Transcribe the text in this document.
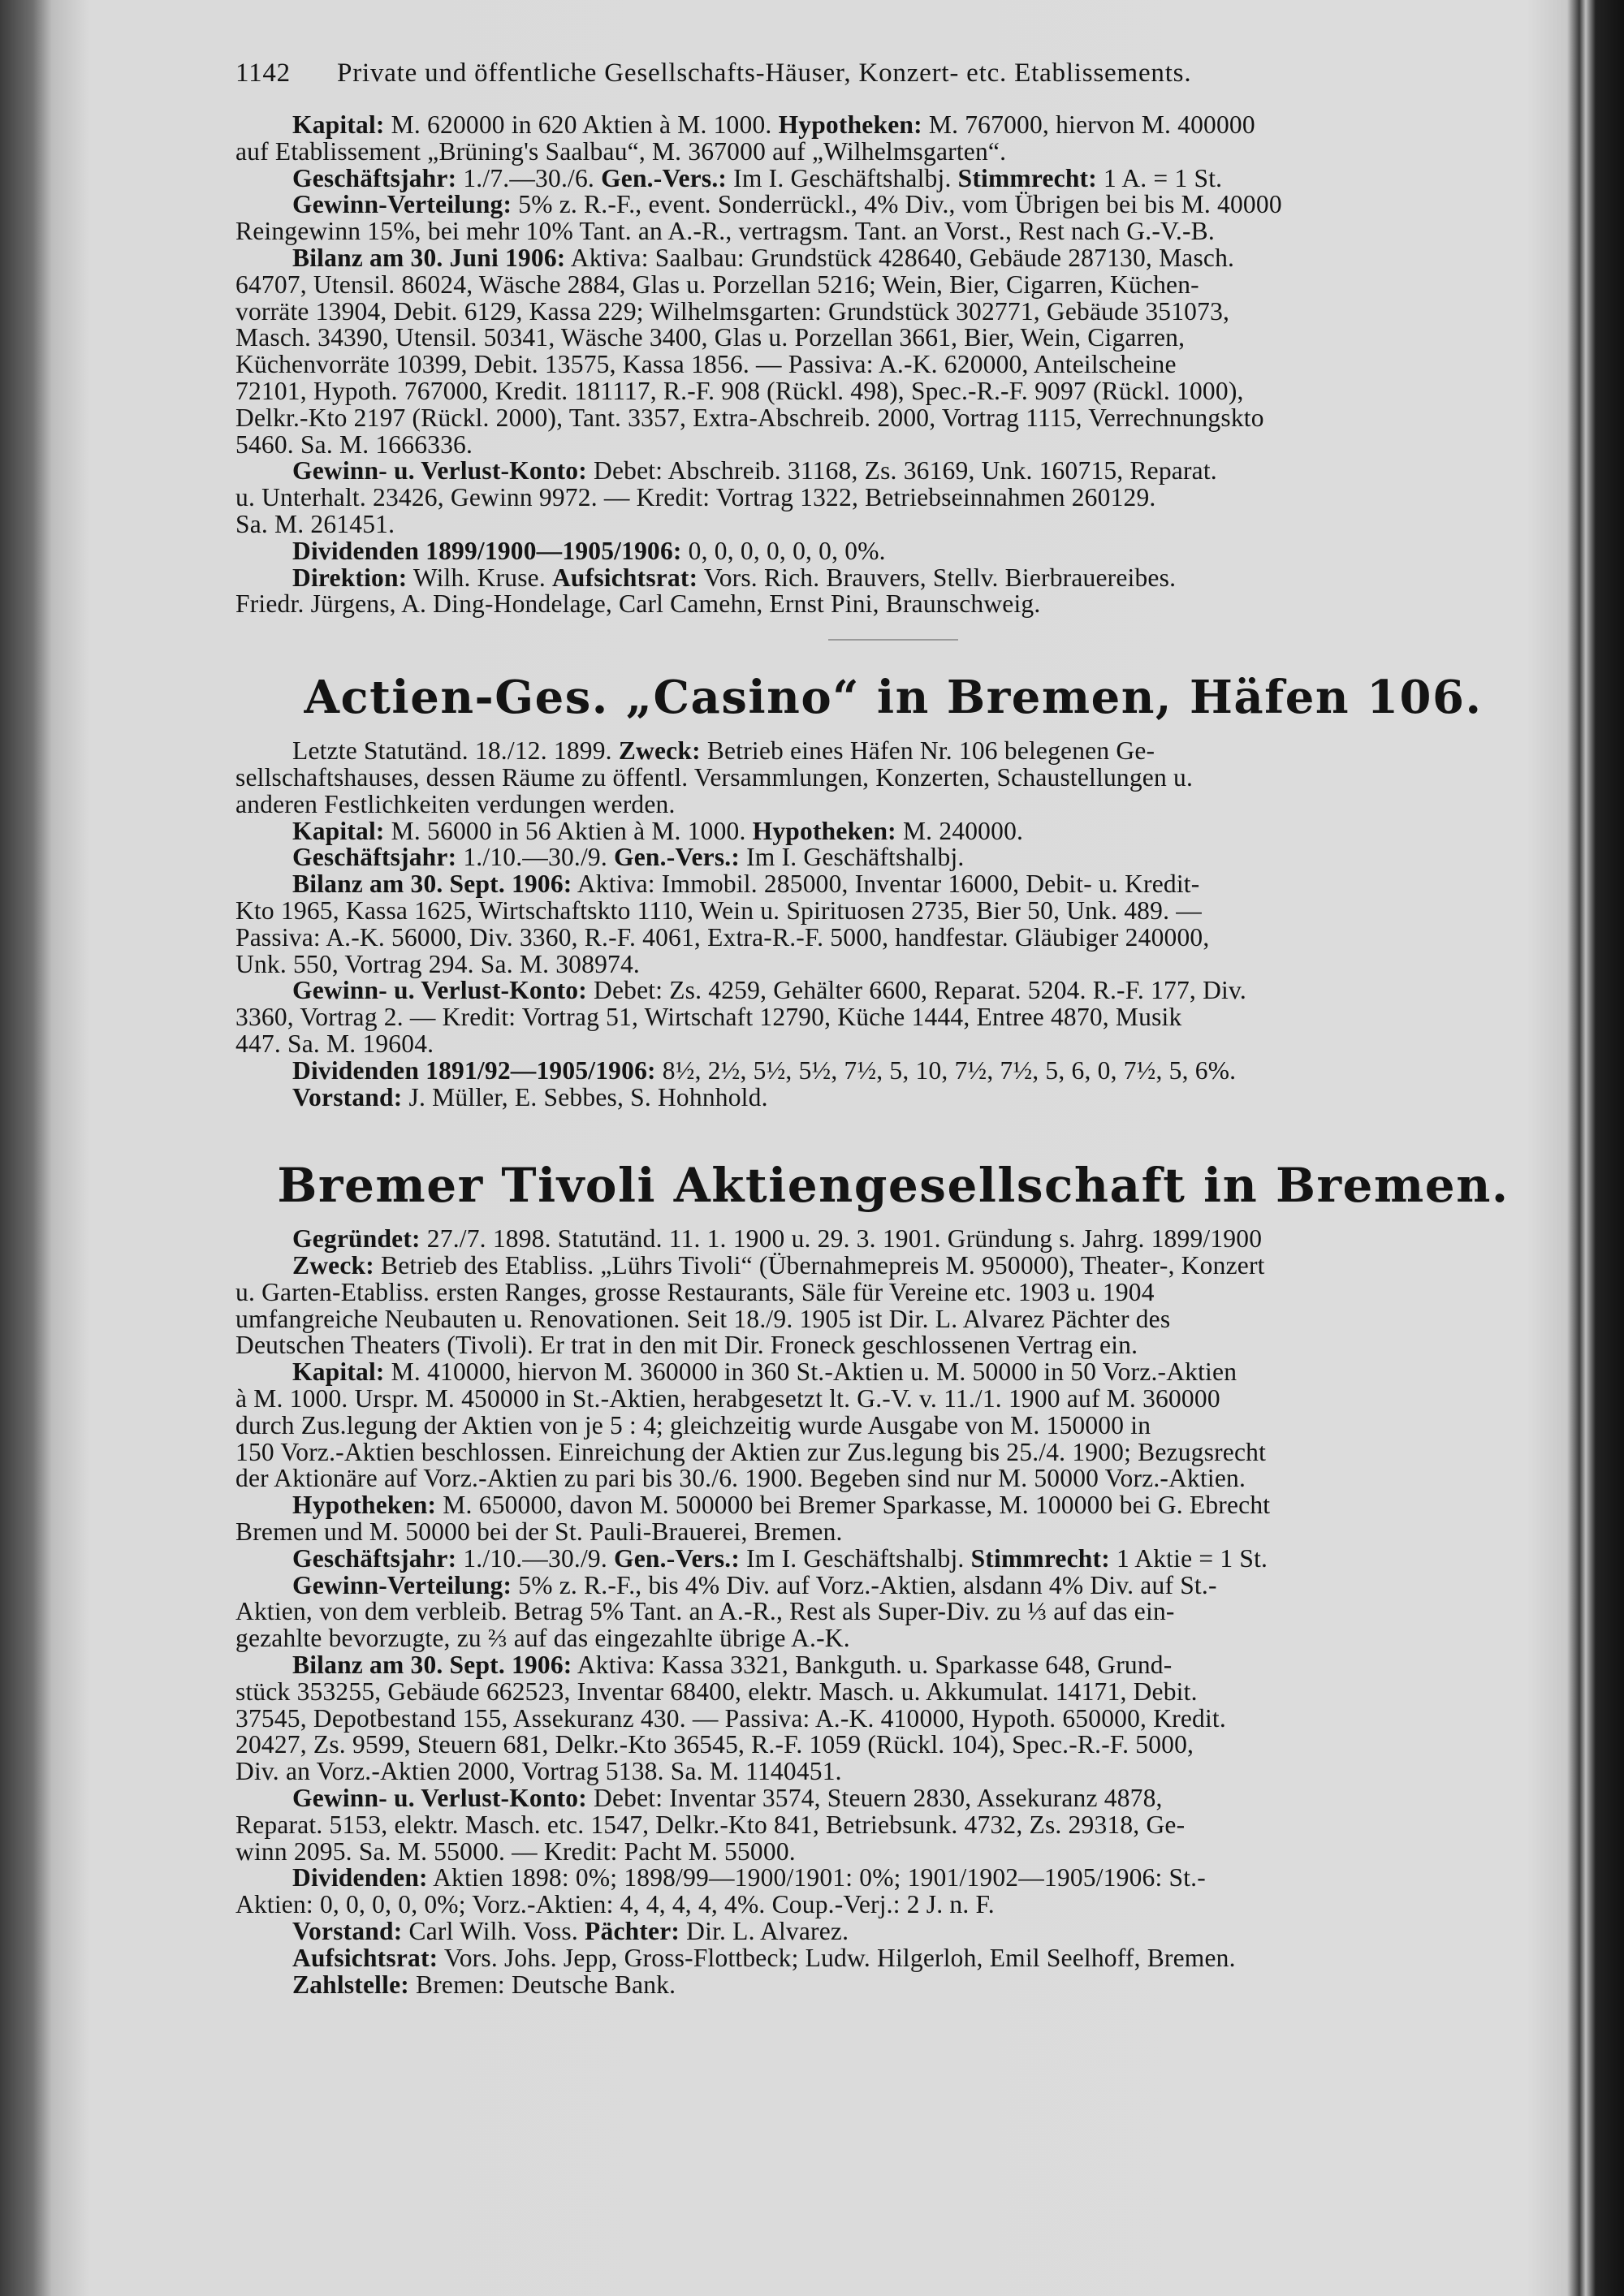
1142 Private und öffentliche Gesellschafts-Häuser, Konzert- etc. Etablissements.
Kapital: M. 620000 in 620 Aktien à M. 1000. Hypotheken: M. 767000, hiervon M. 400000
auf Etablissement „Brüning's Saalbau“, M. 367000 auf „Wilhelmsgarten“.
Geschäftsjahr: 1./7.—30./6. Gen.-Vers.: Im I. Geschäftshalbj. Stimmrecht: 1 A. = 1 St.
Gewinn-Verteilung: 5% z. R.-F., event. Sonderrückl., 4% Div., vom Übrigen bei bis M. 40000
Reingewinn 15%, bei mehr 10% Tant. an A.-R., vertragsm. Tant. an Vorst., Rest nach G.-V.-B.
Bilanz am 30. Juni 1906: Aktiva: Saalbau: Grundstück 428640, Gebäude 287130, Masch.
64707, Utensil. 86024, Wäsche 2884, Glas u. Porzellan 5216; Wein, Bier, Cigarren, Küchen-
vorräte 13904, Debit. 6129, Kassa 229; Wilhelmsgarten: Grundstück 302771, Gebäude 351073,
Masch. 34390, Utensil. 50341, Wäsche 3400, Glas u. Porzellan 3661, Bier, Wein, Cigarren,
Küchenvorräte 10399, Debit. 13575, Kassa 1856. — Passiva: A.-K. 620000, Anteilscheine
72101, Hypoth. 767000, Kredit. 181117, R.-F. 908 (Rückl. 498), Spec.-R.-F. 9097 (Rückl. 1000),
Delkr.-Kto 2197 (Rückl. 2000), Tant. 3357, Extra-Abschreib. 2000, Vortrag 1115, Verrechnungskto
5460. Sa. M. 1666336.
Gewinn- u. Verlust-Konto: Debet: Abschreib. 31168, Zs. 36169, Unk. 160715, Reparat.
u. Unterhalt. 23426, Gewinn 9972. — Kredit: Vortrag 1322, Betriebseinnahmen 260129.
Sa. M. 261451.
Dividenden 1899/1900—1905/1906: 0, 0, 0, 0, 0, 0, 0%.
Direktion: Wilh. Kruse. Aufsichtsrat: Vors. Rich. Brauvers, Stellv. Bierbrauereibes.
Friedr. Jürgens, A. Ding-Hondelage, Carl Camehn, Ernst Pini, Braunschweig.
Actien-Ges. „Casino“ in Bremen, Häfen 106.
Letzte Statutänd. 18./12. 1899. Zweck: Betrieb eines Häfen Nr. 106 belegenen Ge-
sellschaftshauses, dessen Räume zu öffentl. Versammlungen, Konzerten, Schaustellungen u.
anderen Festlichkeiten verdungen werden.
Kapital: M. 56000 in 56 Aktien à M. 1000. Hypotheken: M. 240000.
Geschäftsjahr: 1./10.—30./9. Gen.-Vers.: Im I. Geschäftshalbj.
Bilanz am 30. Sept. 1906: Aktiva: Immobil. 285000, Inventar 16000, Debit- u. Kredit-
Kto 1965, Kassa 1625, Wirtschaftskto 1110, Wein u. Spirituosen 2735, Bier 50, Unk. 489. —
Passiva: A.-K. 56000, Div. 3360, R.-F. 4061, Extra-R.-F. 5000, handfestar. Gläubiger 240000,
Unk. 550, Vortrag 294. Sa. M. 308974.
Gewinn- u. Verlust-Konto: Debet: Zs. 4259, Gehälter 6600, Reparat. 5204. R.-F. 177, Div.
3360, Vortrag 2. — Kredit: Vortrag 51, Wirtschaft 12790, Küche 1444, Entree 4870, Musik
447. Sa. M. 19604.
Dividenden 1891/92—1905/1906: 8½, 2½, 5½, 5½, 7½, 5, 10, 7½, 7½, 5, 6, 0, 7½, 5, 6%.
Vorstand: J. Müller, E. Sebbes, S. Hohnhold.
Bremer Tivoli Aktiengesellschaft in Bremen.
Gegründet: 27./7. 1898. Statutänd. 11. 1. 1900 u. 29. 3. 1901. Gründung s. Jahrg. 1899/1900
Zweck: Betrieb des Etabliss. „Lührs Tivoli“ (Übernahmepreis M. 950000), Theater-, Konzert
u. Garten-Etabliss. ersten Ranges, grosse Restaurants, Säle für Vereine etc. 1903 u. 1904
umfangreiche Neubauten u. Renovationen. Seit 18./9. 1905 ist Dir. L. Alvarez Pächter des
Deutschen Theaters (Tivoli). Er trat in den mit Dir. Froneck geschlossenen Vertrag ein.
Kapital: M. 410000, hiervon M. 360000 in 360 St.-Aktien u. M. 50000 in 50 Vorz.-Aktien
à M. 1000. Urspr. M. 450000 in St.-Aktien, herabgesetzt lt. G.-V. v. 11./1. 1900 auf M. 360000
durch Zus.legung der Aktien von je 5 : 4; gleichzeitig wurde Ausgabe von M. 150000 in
150 Vorz.-Aktien beschlossen. Einreichung der Aktien zur Zus.legung bis 25./4. 1900; Bezugsrecht
der Aktionäre auf Vorz.-Aktien zu pari bis 30./6. 1900. Begeben sind nur M. 50000 Vorz.-Aktien.
Hypotheken: M. 650000, davon M. 500000 bei Bremer Sparkasse, M. 100000 bei G. Ebrecht
Bremen und M. 50000 bei der St. Pauli-Brauerei, Bremen.
Geschäftsjahr: 1./10.—30./9. Gen.-Vers.: Im I. Geschäftshalbj. Stimmrecht: 1 Aktie = 1 St.
Gewinn-Verteilung: 5% z. R.-F., bis 4% Div. auf Vorz.-Aktien, alsdann 4% Div. auf St.-
Aktien, von dem verbleib. Betrag 5% Tant. an A.-R., Rest als Super-Div. zu ⅓ auf das ein-
gezahlte bevorzugte, zu ⅔ auf das eingezahlte übrige A.-K.
Bilanz am 30. Sept. 1906: Aktiva: Kassa 3321, Bankguth. u. Sparkasse 648, Grund-
stück 353255, Gebäude 662523, Inventar 68400, elektr. Masch. u. Akkumulat. 14171, Debit.
37545, Depotbestand 155, Assekuranz 430. — Passiva: A.-K. 410000, Hypoth. 650000, Kredit.
20427, Zs. 9599, Steuern 681, Delkr.-Kto 36545, R.-F. 1059 (Rückl. 104), Spec.-R.-F. 5000,
Div. an Vorz.-Aktien 2000, Vortrag 5138. Sa. M. 1140451.
Gewinn- u. Verlust-Konto: Debet: Inventar 3574, Steuern 2830, Assekuranz 4878,
Reparat. 5153, elektr. Masch. etc. 1547, Delkr.-Kto 841, Betriebsunk. 4732, Zs. 29318, Ge-
winn 2095. Sa. M. 55000. — Kredit: Pacht M. 55000.
Dividenden: Aktien 1898: 0%; 1898/99—1900/1901: 0%; 1901/1902—1905/1906: St.-
Aktien: 0, 0, 0, 0, 0%; Vorz.-Aktien: 4, 4, 4, 4, 4%. Coup.-Verj.: 2 J. n. F.
Vorstand: Carl Wilh. Voss. Pächter: Dir. L. Alvarez.
Aufsichtsrat: Vors. Johs. Jepp, Gross-Flottbeck; Ludw. Hilgerloh, Emil Seelhoff, Bremen.
Zahlstelle: Bremen: Deutsche Bank.
